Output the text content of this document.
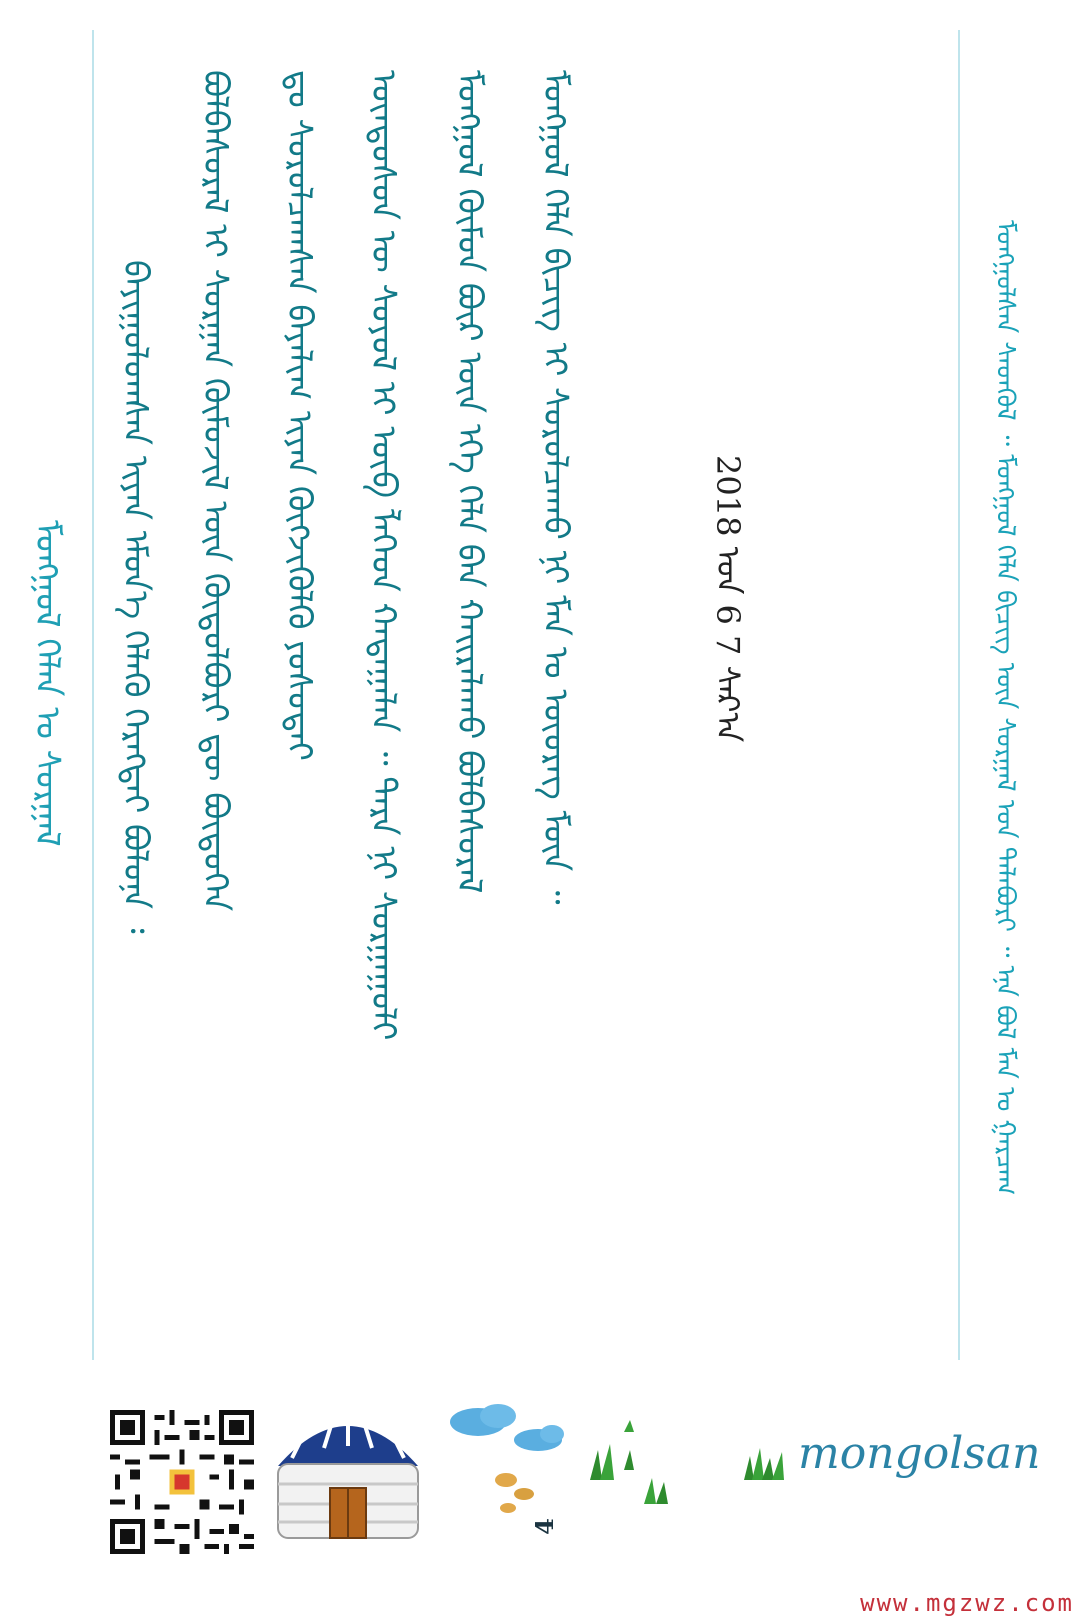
ᠮᠣᠩᠭᠣᠯ ᠬᠡᠯᠡᠨ ᠤ ᠰᠤᠷᠭᠠᠯ ᠪᠠᠶᠢᠭᠤᠯᠤᠭᠰᠠᠨ ᠢᠶᠡᠨ ᠡᠮᠦᠨ᠎ᠡ ᠬᠡᠯᠡᠬᠦ ᠬᠡᠷᠡᠭᠲᠡᠢ ᠪᠣᠯᠤᠨᠠ ᠄ ᠪᠣᠯᠪᠠᠰᠤᠷᠠᠯ ᠢ ᠰᠤᠷᠭᠠᠨ ᠬᠦᠮᠦᠵᠢᠯ ᠦᠨ ᠬᠥᠲᠦᠯᠪᠦᠷᠢ ᠳᠦ ᠪᠦᠲᠦᠭᠡᠨ ᠳᠤ ᠰᠤᠷᠤᠯᠴᠠᠭᠰᠠᠨ ᠪᠠᠶᠠᠯᠢᠭ ᠢᠶᠡᠨ ᠬᠥᠭᠵᠢᠭᠦᠯᠬᠦ ᠶᠣᠰᠣᠲᠠᠢ ᠦᠨᠳᠦᠰᠦᠨ ᠦ ᠰᠣᠶᠣᠯ ᠢ ᠥᠪ ᠯᠡᠭᠡᠳ ᠬᠠᠳᠠᠭᠠᠯᠠᠨ ᠃ ᠲᠡᠷᠡ ᠨᠢ ᠰᠤᠷᠭᠠᠭᠤᠯᠢ ᠮᠣᠩᠭᠣᠯ ᠬᠦᠮᠦᠨ ᠪᠦᠷ ᠦᠨ ᠡᠬᠡ ᠬᠡᠯᠡ ᠪᠡᠨ ᠬᠠᠢᠷᠠᠯᠠᠬᠤ ᠪᠣᠯᠪᠠᠰᠤᠷᠠᠯ ᠮᠣᠩᠭᠣᠯ ᠬᠡᠯᠡ ᠪᠢᠴᠢᠭ ᠢ ᠰᠤᠷᠤᠯᠴᠠᠬᠤ ᠨᠢ ᠮᠠᠨ ᠤ ᠦᠦᠷᠡᠭ ᠮᠦᠨ ᠃	2018 ᠣᠨ 6 7 ᠰᠠᠷ᠎ᠠ	ᠮᠣᠩᠭᠣᠯᠰᠠᠨ ᠰᠡᠳᠬᠦᠯ ᠃ ᠮᠣᠩᠭᠣᠯ ᠬᠡᠯᠡ ᠪᠢᠴᠢᠭ ᠦᠨ ᠰᠤᠷᠭᠠᠯ ᠤᠨ ᠲᠠᠯᠠᠪᠤᠷᠢ ᠃ ᠡᠨᠡ ᠪᠣᠯ ᠮᠠᠨ ᠤ ᠭᠠᠷᠴᠠᠭ
mongolsan
4
www.mgzwz.com
